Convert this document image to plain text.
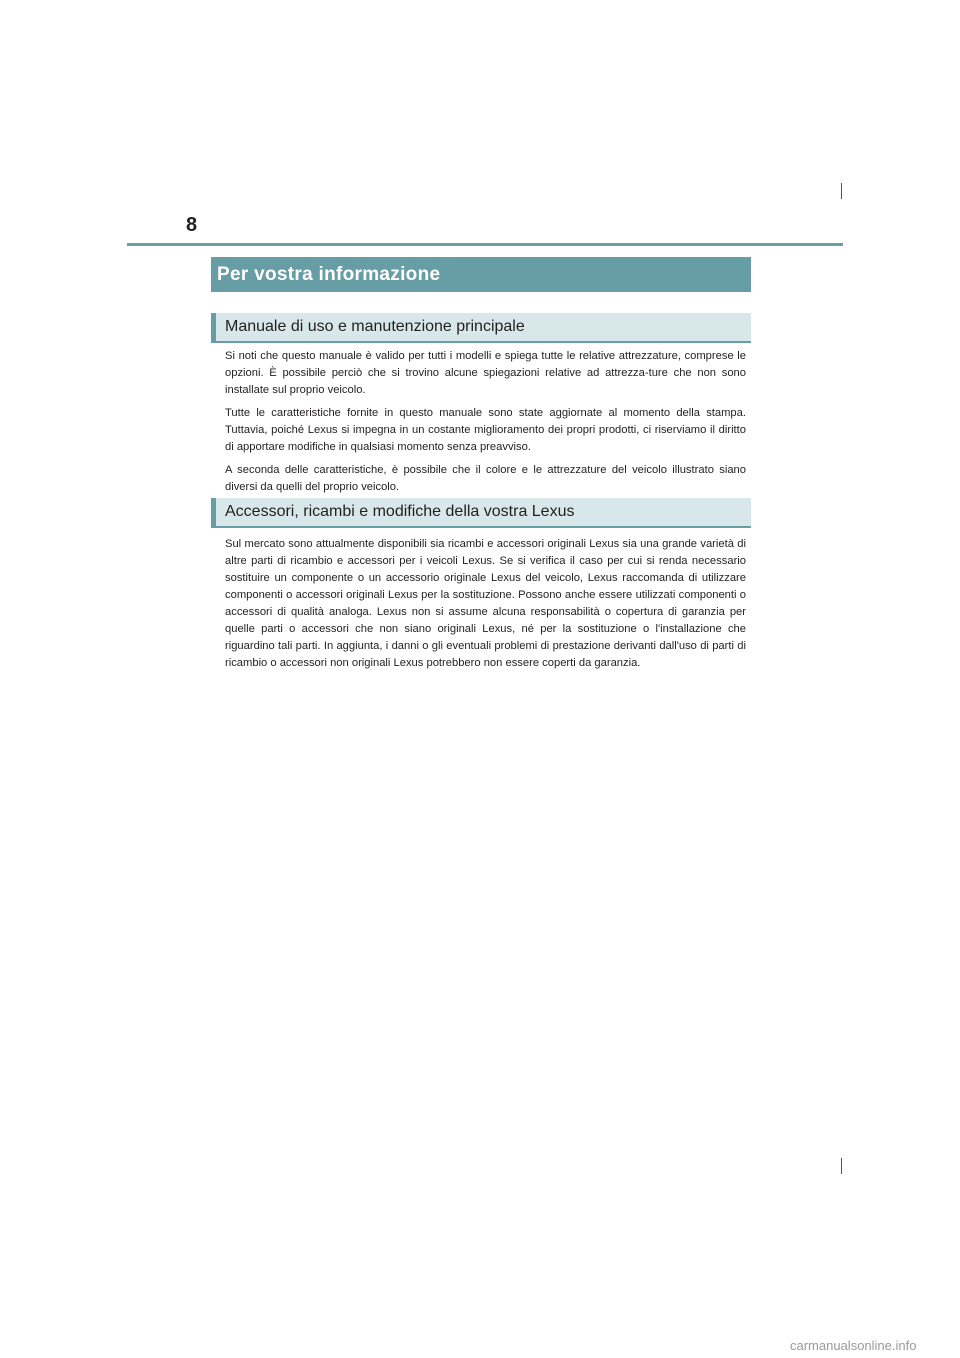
8
Per vostra informazione
Manuale di uso e manutenzione principale

Si noti che questo manuale è valido per tutti i modelli e spiega tutte le relative attrezzature, comprese le opzioni. È possibile perciò che si trovino alcune spiegazioni relative ad attrezza-ture che non sono installate sul proprio veicolo.

Tutte le caratteristiche fornite in questo manuale sono state aggiornate al momento della stampa. Tuttavia, poiché Lexus si impegna in un costante miglioramento dei propri prodotti, ci riserviamo il diritto di apportare modifiche in qualsiasi momento senza preavviso.

A seconda delle caratteristiche, è possibile che il colore e le attrezzature del veicolo illustrato siano diversi da quelli del proprio veicolo.

Accessori, ricambi e modifiche della vostra Lexus

Sul mercato sono attualmente disponibili sia ricambi e accessori originali Lexus sia una grande varietà di altre parti di ricambio e accessori per i veicoli Lexus. Se si verifica il caso per cui si renda necessario sostituire un componente o un accessorio originale Lexus del veicolo, Lexus raccomanda di utilizzare componenti o accessori originali Lexus per la sostituzione. Possono anche essere utilizzati componenti o accessori di qualità analoga. Lexus non si assume alcuna responsabilità o copertura di garanzia per quelle parti o accessori che non siano originali Lexus, né per la sostituzione o l'installazione che riguardino tali parti. In aggiunta, i danni o gli eventuali problemi di prestazione derivanti dall'uso di parti di ricambio o accessori non originali Lexus potrebbero non essere coperti da garanzia.

carmanualsonline.info
